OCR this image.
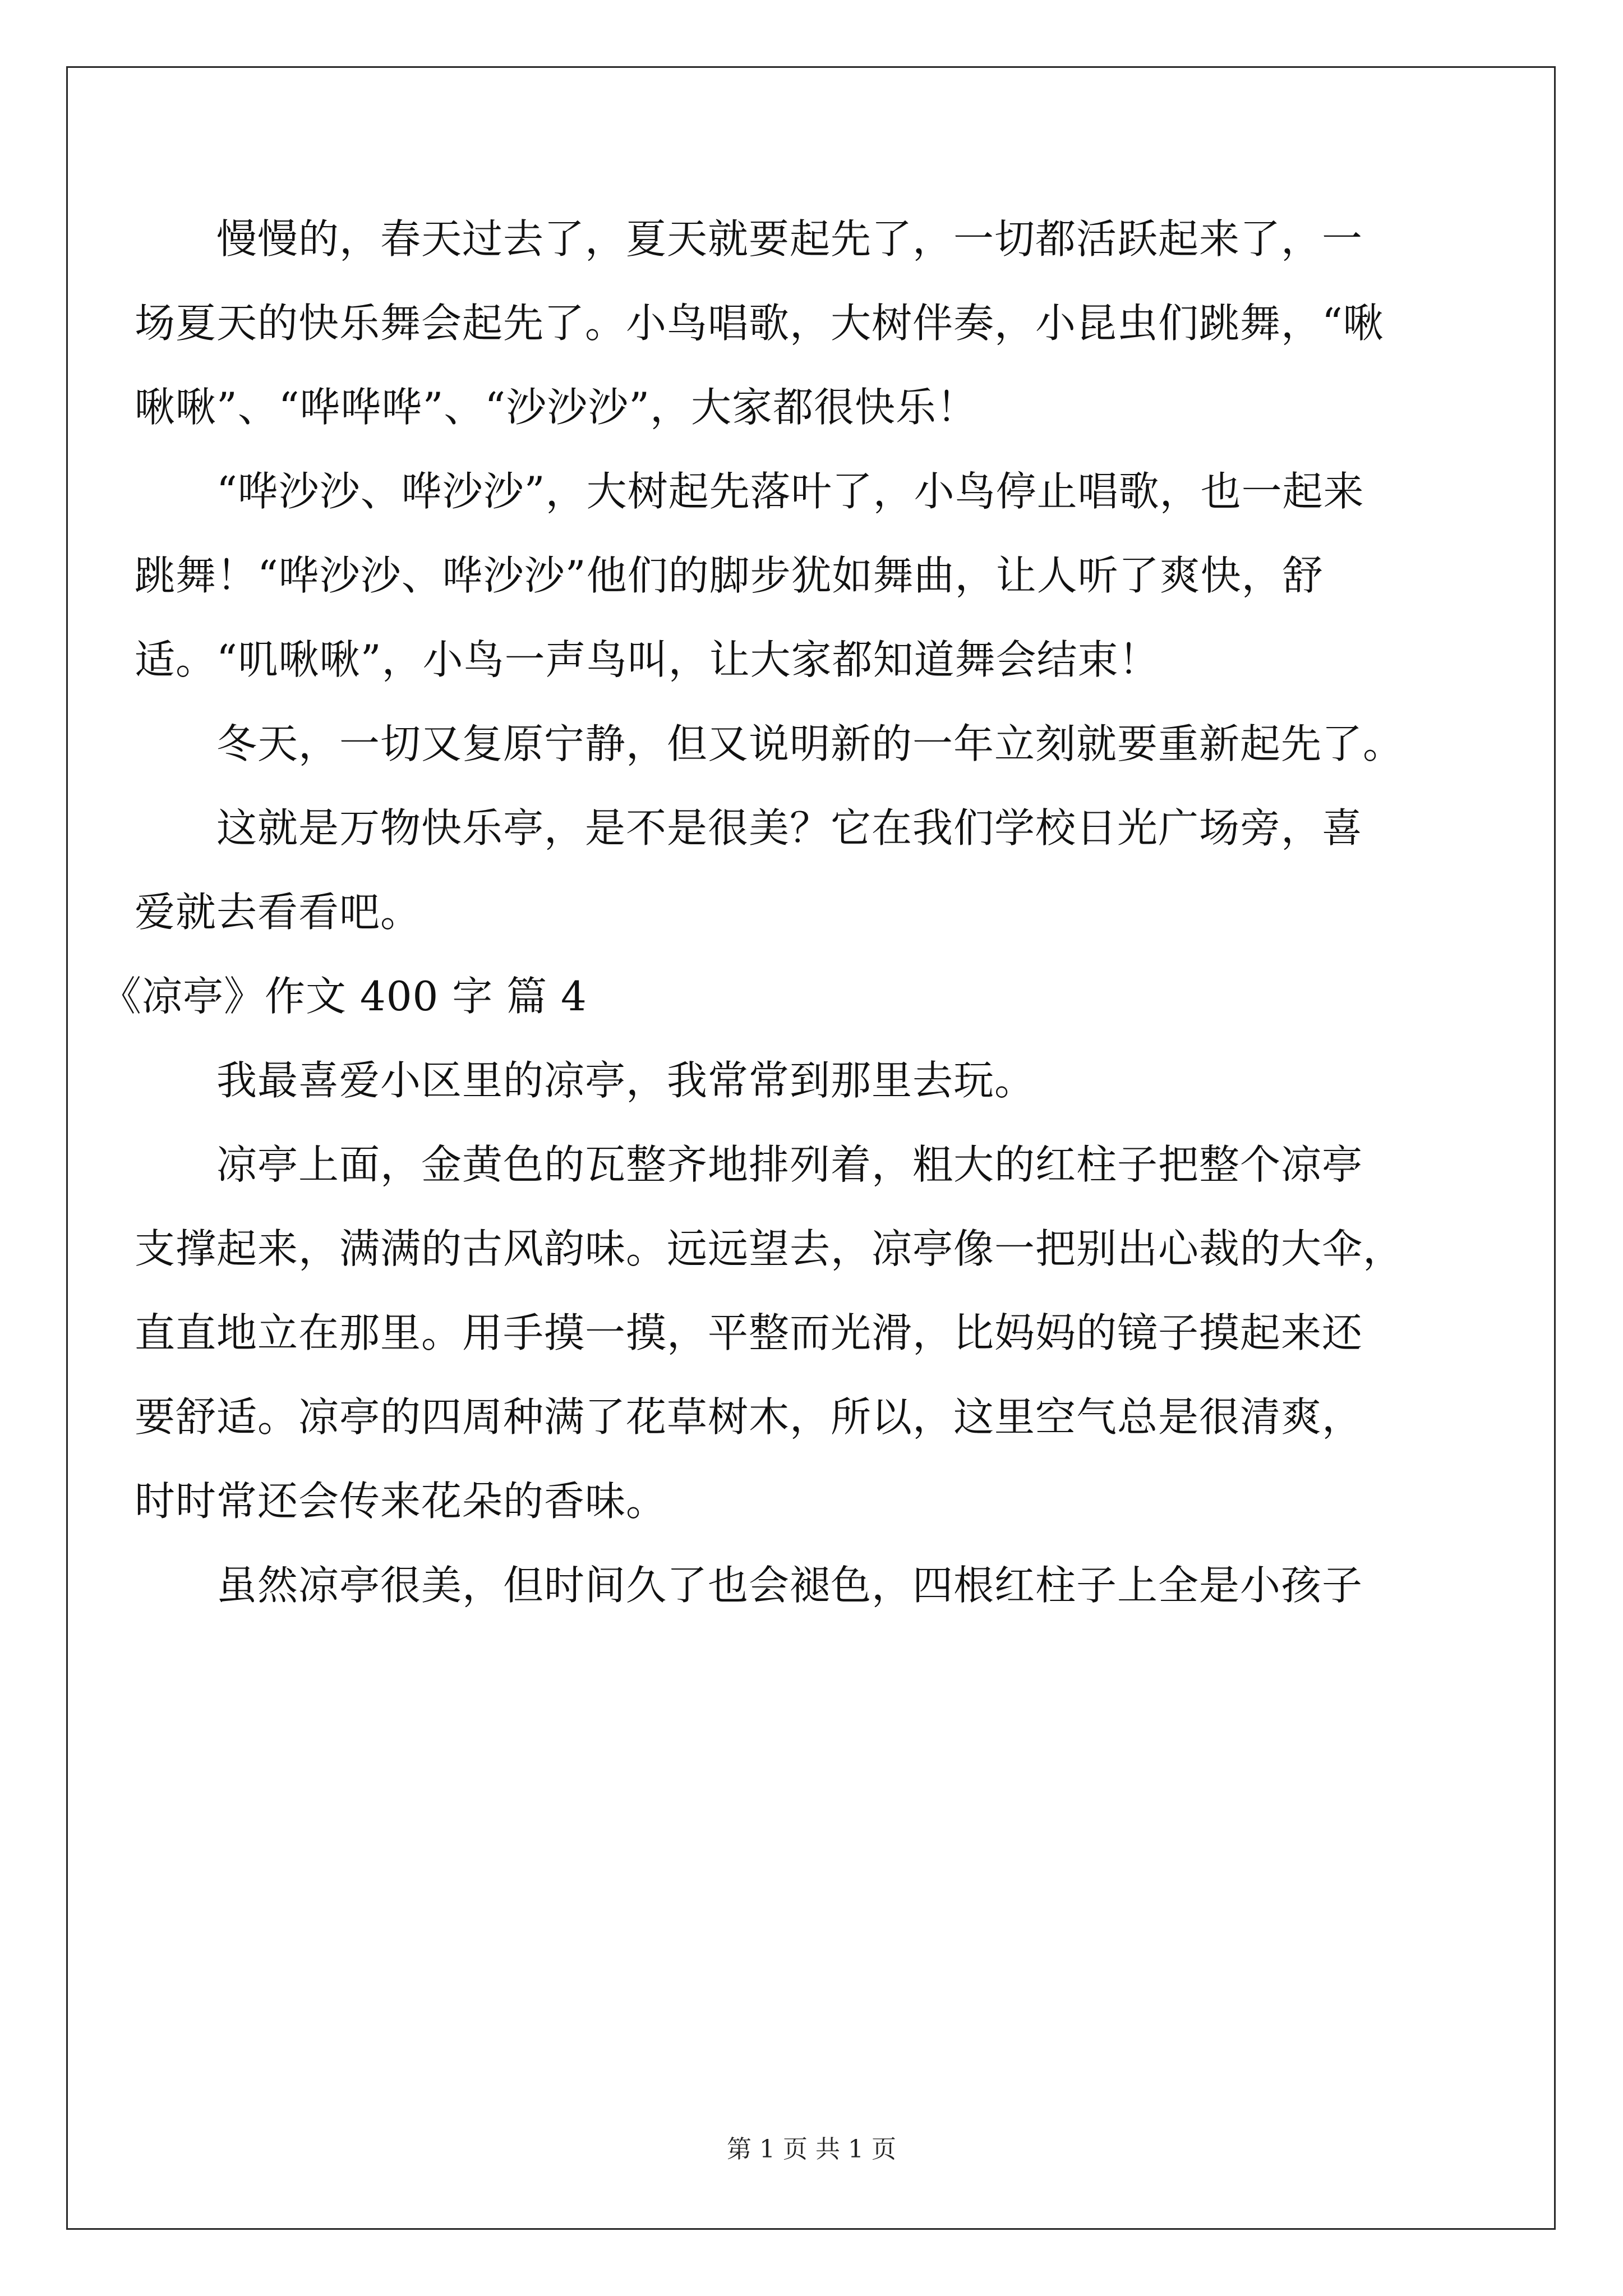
慢慢的，春天过去了，夏天就要起先了，一切都活跃起来了，一
场夏天的快乐舞会起先了。小鸟唱歌，大树伴奏，小昆虫们跳舞，“啾
啾啾”、“哗哗哗”、“沙沙沙”，大家都很快乐！
“哗沙沙、哗沙沙”，大树起先落叶了，小鸟停止唱歌，也一起来
跳舞！“哗沙沙、哗沙沙”他们的脚步犹如舞曲，让人听了爽快，舒
适。“叽啾啾”，小鸟一声鸟叫，让大家都知道舞会结束！
冬天，一切又复原宁静，但又说明新的一年立刻就要重新起先了。
这就是万物快乐亭，是不是很美？它在我们学校日光广场旁，喜
爱就去看看吧。
《凉亭》作文 400 字 篇 4
我最喜爱小区里的凉亭，我常常到那里去玩。
凉亭上面，金黄色的瓦整齐地排列着，粗大的红柱子把整个凉亭
支撑起来，满满的古风韵味。远远望去，凉亭像一把别出心裁的大伞，
直直地立在那里。用手摸一摸，平整而光滑，比妈妈的镜子摸起来还
要舒适。凉亭的四周种满了花草树木，所以，这里空气总是很清爽，
时时常还会传来花朵的香味。
虽然凉亭很美，但时间久了也会褪色，四根红柱子上全是小孩子
第 1 页 共 1 页
